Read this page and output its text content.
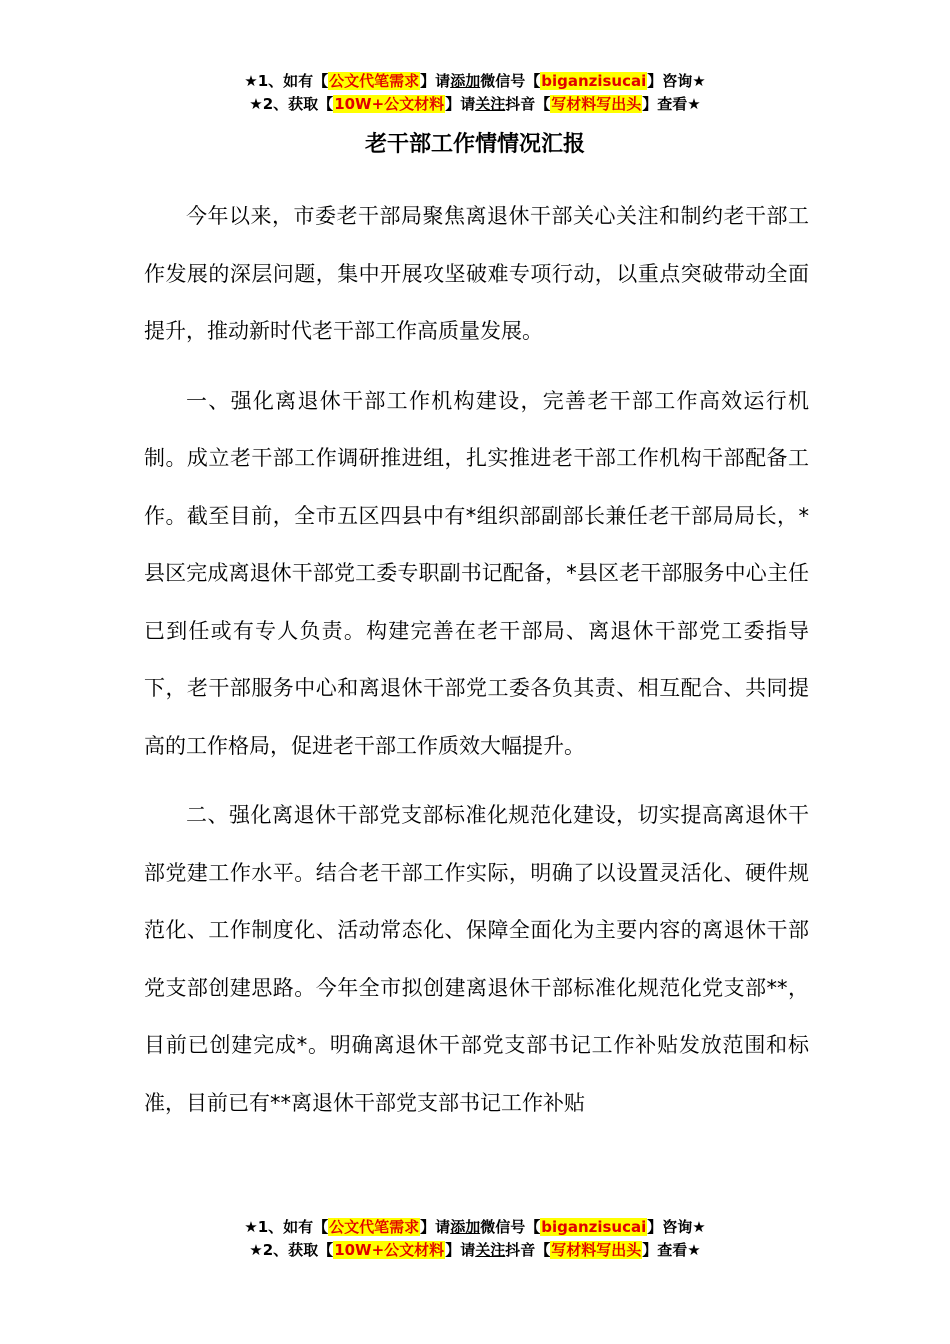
★1、如有【公文代笔需求】请添加微信号【biganzisucai】咨询★
★2、获取【10W+公文材料】请关注抖音【写材料写出头】查看★
老干部工作情情况汇报

今年以来，市委老干部局聚焦离退休干部关心关注和制约老干部工作发展的深层问题，集中开展攻坚破难专项行动，以重点突破带动全面提升，推动新时代老干部工作高质量发展。

一、强化离退休干部工作机构建设，完善老干部工作高效运行机制。成立老干部工作调研推进组，扎实推进老干部工作机构干部配备工作。截至目前，全市五区四县中有*组织部副部长兼任老干部局局长，*县区完成离退休干部党工委专职副书记配备，*县区老干部服务中心主任已到任或有专人负责。构建完善在老干部局、离退休干部党工委指导下，老干部服务中心和离退休干部党工委各负其责、相互配合、共同提高的工作格局，促进老干部工作质效大幅提升。

二、强化离退休干部党支部标准化规范化建设，切实提高离退休干部党建工作水平。结合老干部工作实际，明确了以设置灵活化、硬件规范化、工作制度化、活动常态化、保障全面化为主要内容的离退休干部党支部创建思路。今年全市拟创建离退休干部标准化规范化党支部**，目前已创建完成*。明确离退休干部党支部书记工作补贴发放范围和标准，目前已有**离退休干部党支部书记工作补贴

★1、如有【公文代笔需求】请添加微信号【biganzisucai】咨询★
★2、获取【10W+公文材料】请关注抖音【写材料写出头】查看★
